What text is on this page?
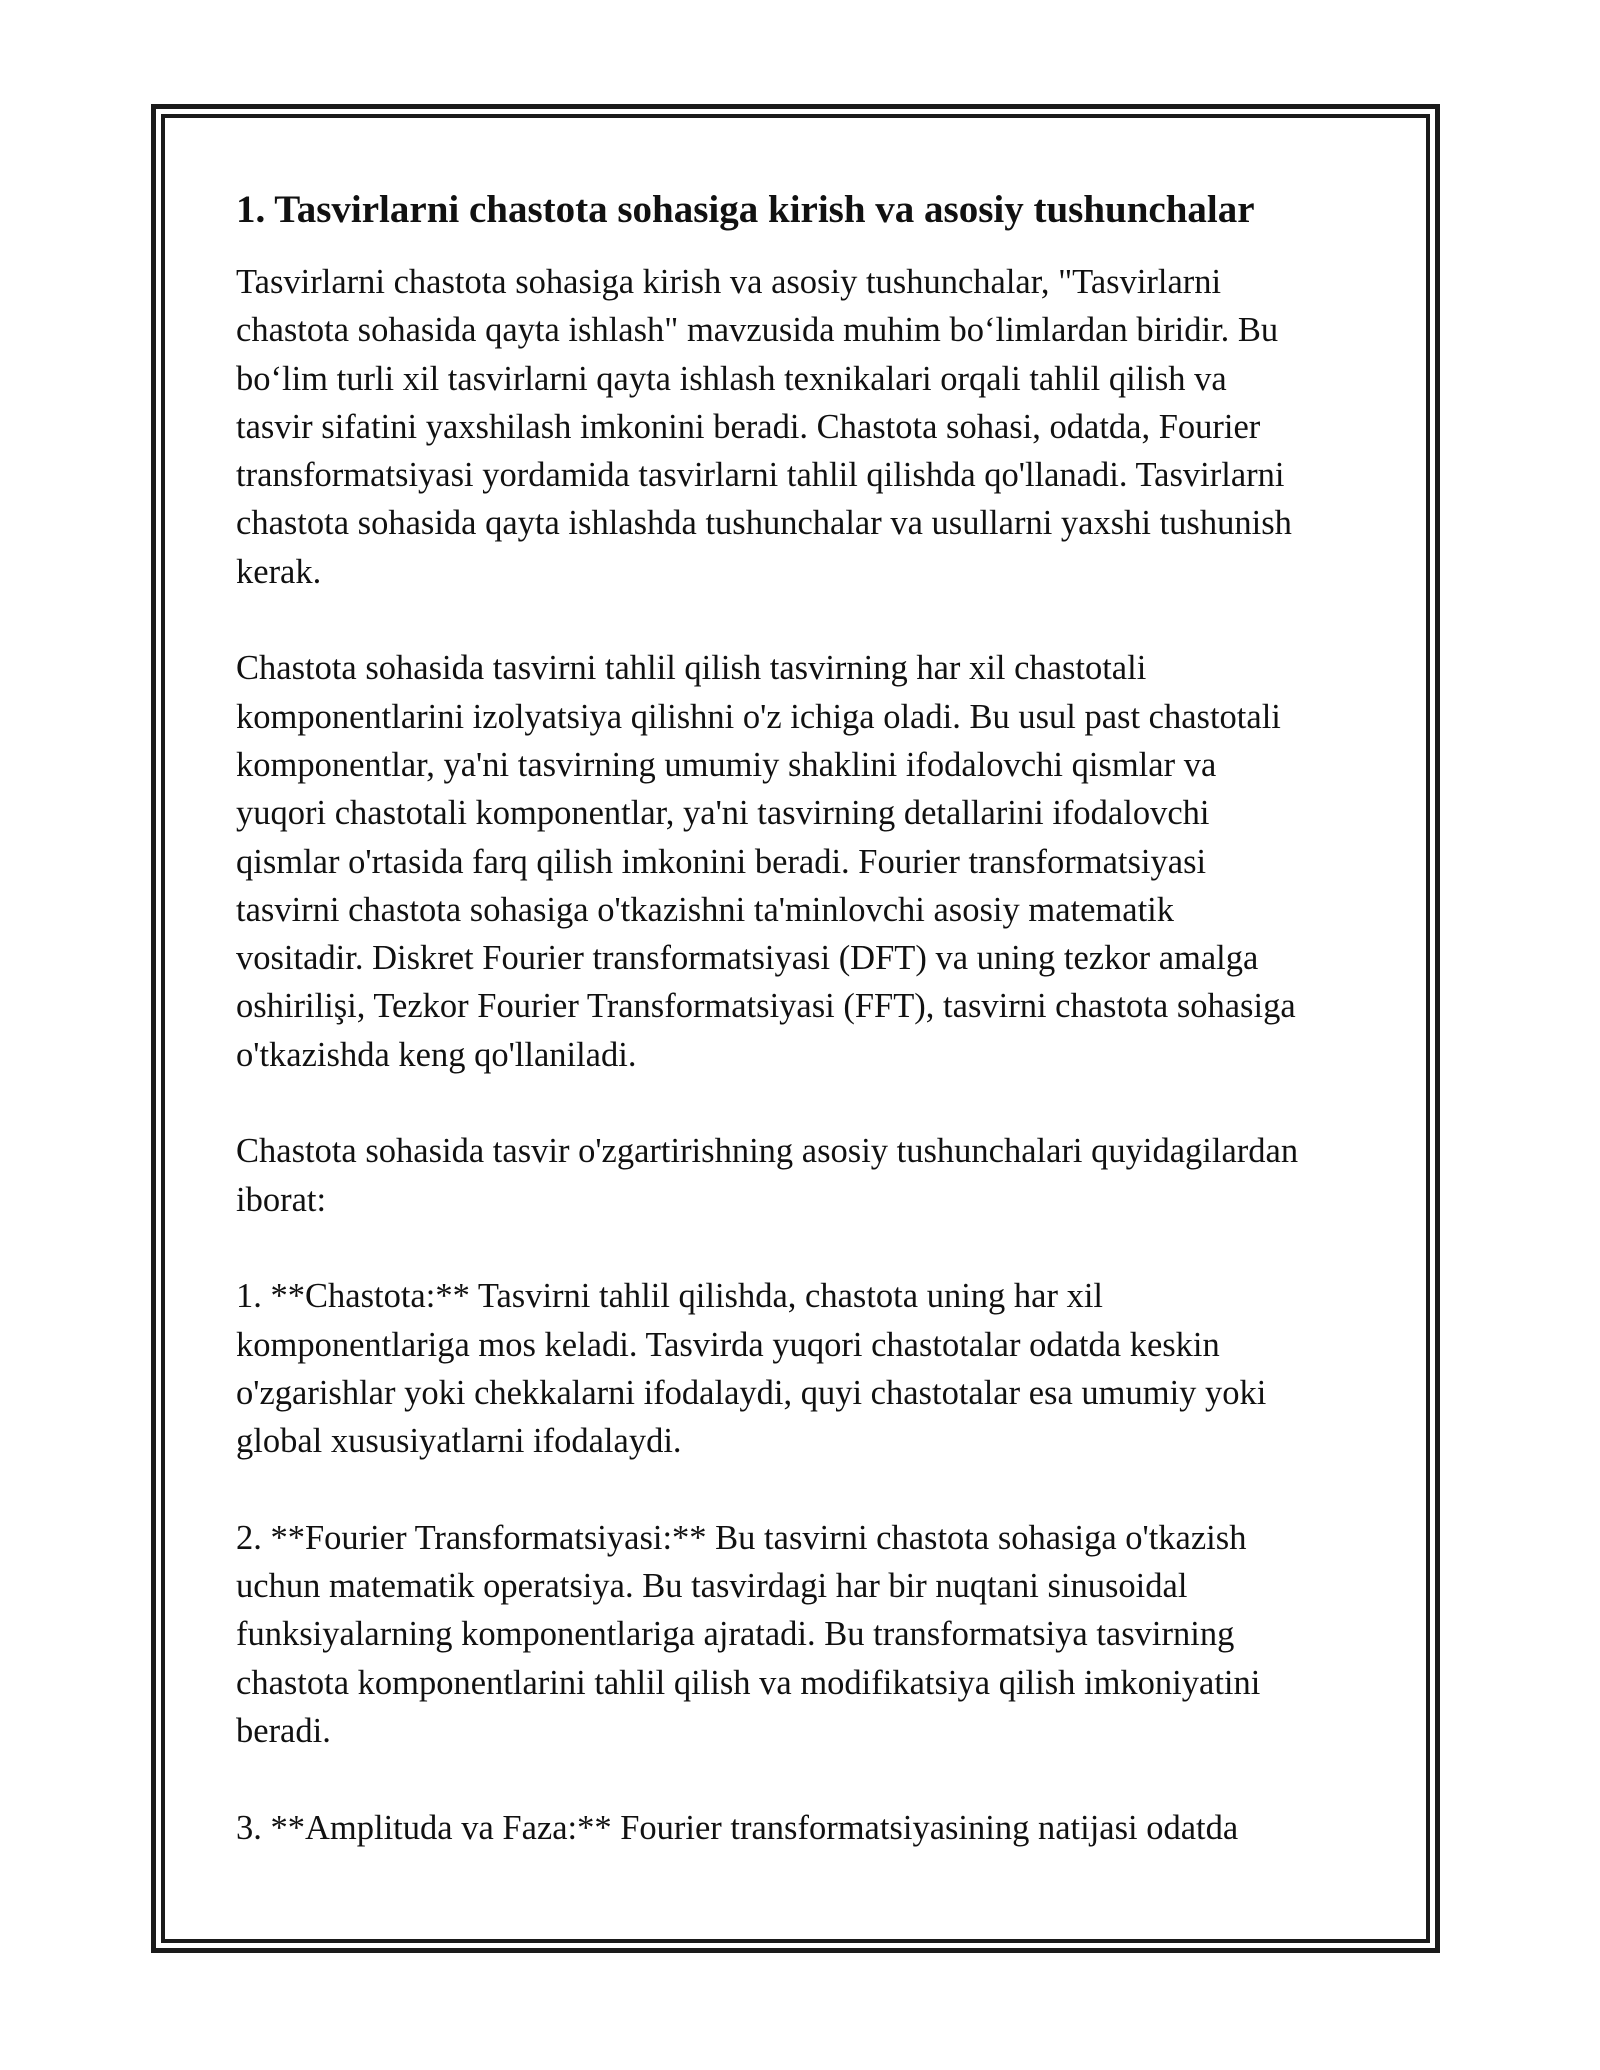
1. Tasvirlarni chastota sohasiga kirish va asosiy tushunchalar

Tasvirlarni chastota sohasiga kirish va asosiy tushunchalar, "Tasvirlarni
chastota sohasida qayta ishlash" mavzusida muhim bo‘limlardan biridir. Bu
bo‘lim turli xil tasvirlarni qayta ishlash texnikalari orqali tahlil qilish va
tasvir sifatini yaxshilash imkonini beradi. Chastota sohasi, odatda, Fourier
transformatsiyasi yordamida tasvirlarni tahlil qilishda qo'llanadi. Tasvirlarni
chastota sohasida qayta ishlashda tushunchalar va usullarni yaxshi tushunish
kerak.

Chastota sohasida tasvirni tahlil qilish tasvirning har xil chastotali
komponentlarini izolyatsiya qilishni o'z ichiga oladi. Bu usul past chastotali
komponentlar, ya'ni tasvirning umumiy shaklini ifodalovchi qismlar va
yuqori chastotali komponentlar, ya'ni tasvirning detallarini ifodalovchi
qismlar o'rtasida farq qilish imkonini beradi. Fourier transformatsiyasi
tasvirni chastota sohasiga o'tkazishni ta'minlovchi asosiy matematik
vositadir. Diskret Fourier transformatsiyasi (DFT) va uning tezkor amalga
oshirilişi, Tezkor Fourier Transformatsiyasi (FFT), tasvirni chastota sohasiga
o'tkazishda keng qo'llaniladi.

Chastota sohasida tasvir o'zgartirishning asosiy tushunchalari quyidagilardan
iborat:

1. **Chastota:** Tasvirni tahlil qilishda, chastota uning har xil
komponentlariga mos keladi. Tasvirda yuqori chastotalar odatda keskin
o'zgarishlar yoki chekkalarni ifodalaydi, quyi chastotalar esa umumiy yoki
global xususiyatlarni ifodalaydi.

2. **Fourier Transformatsiyasi:** Bu tasvirni chastota sohasiga o'tkazish
uchun matematik operatsiya. Bu tasvirdagi har bir nuqtani sinusoidal
funksiyalarning komponentlariga ajratadi. Bu transformatsiya tasvirning
chastota komponentlarini tahlil qilish va modifikatsiya qilish imkoniyatini
beradi.

3. **Amplituda va Faza:** Fourier transformatsiyasining natijasi odatda
